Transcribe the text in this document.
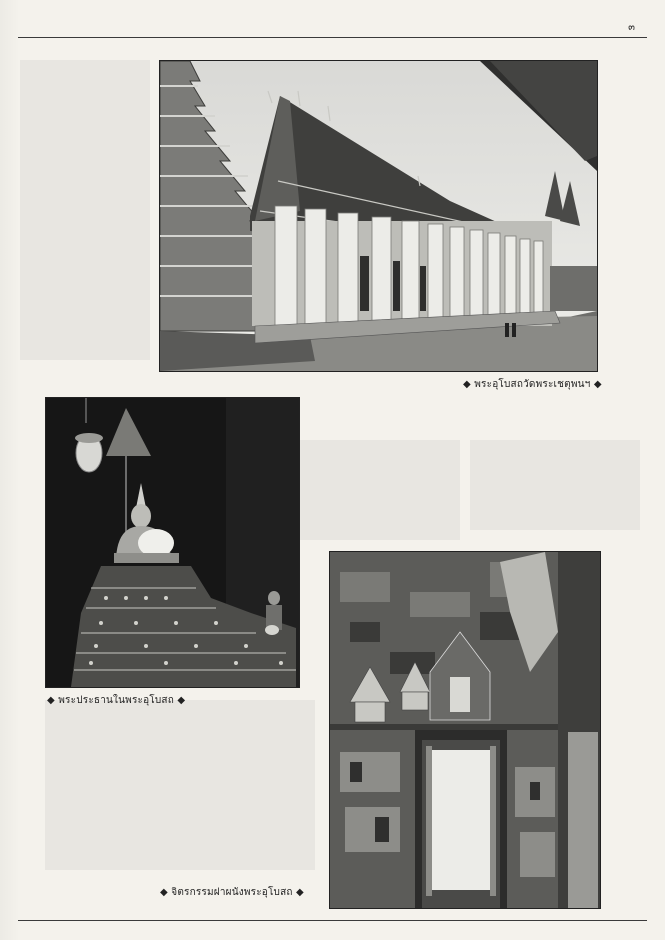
๓
◆ พระอุโบสถวัดพระเชตุพนฯ ◆
◆ พระประธานในพระอุโบสถ ◆
◆ จิตรกรรมฝาผนังพระอุโบสถ ◆
